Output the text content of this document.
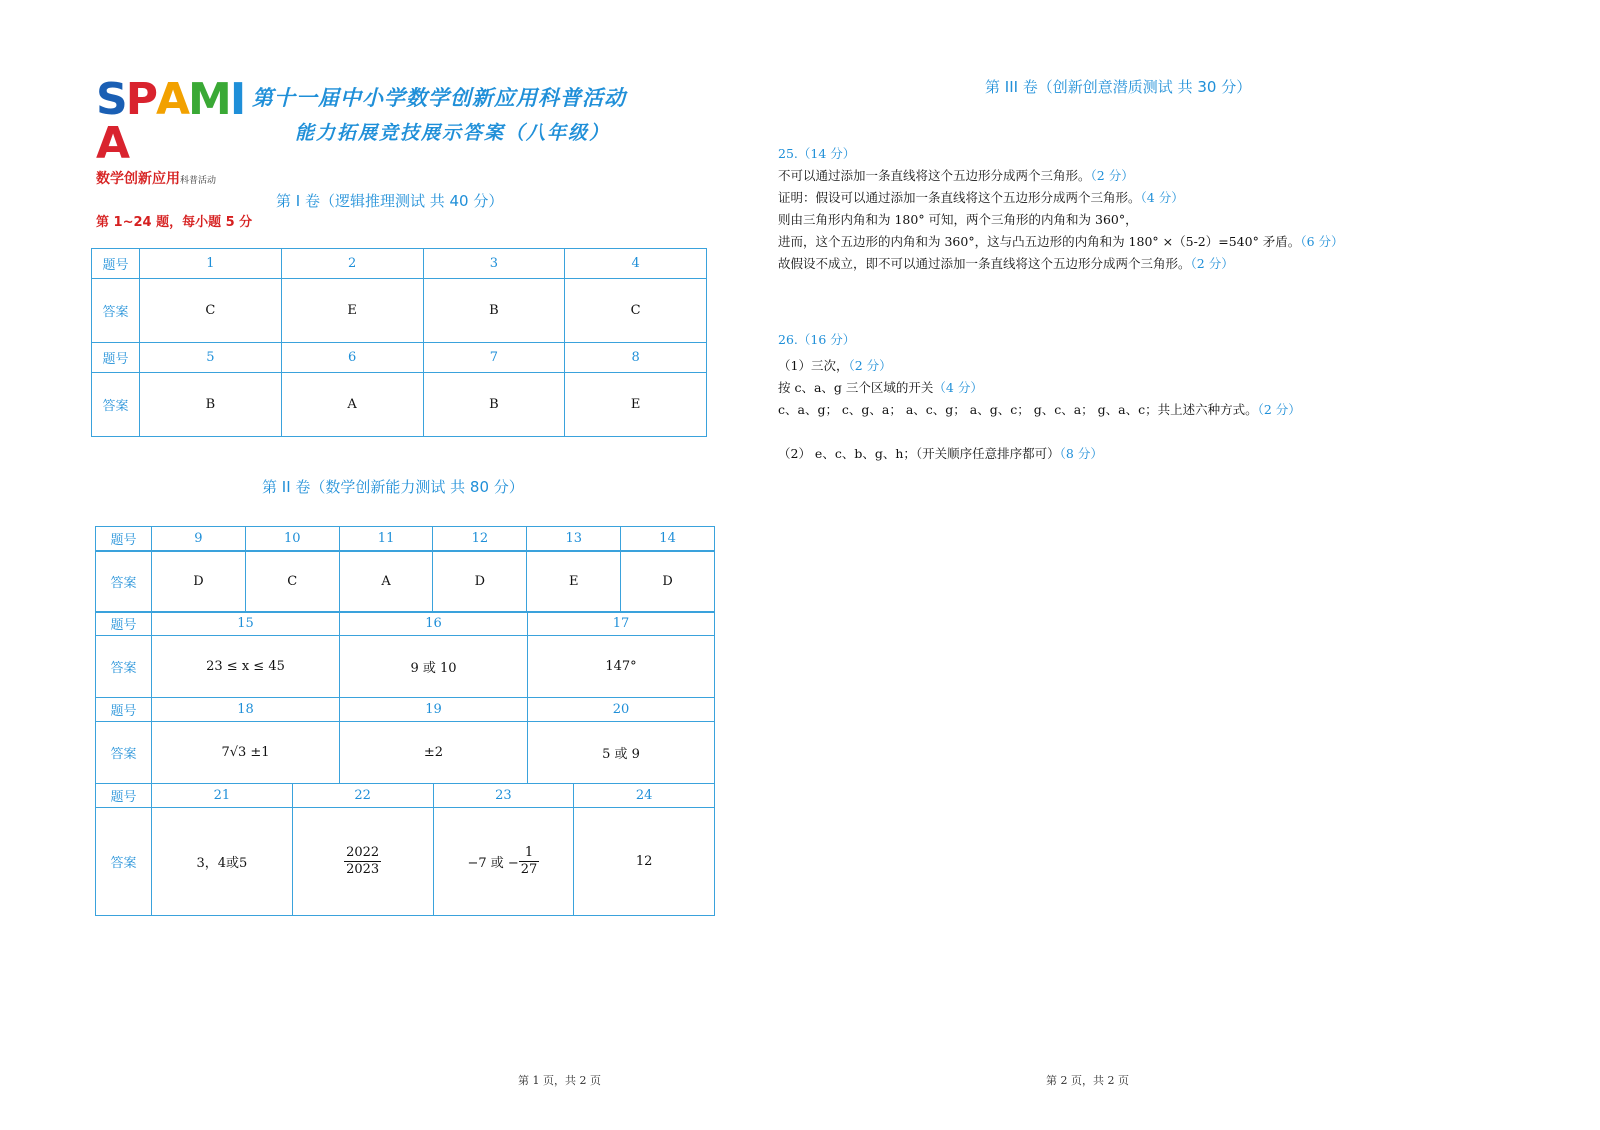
SPAMIA
数学创新应用科普活动
第十一届中小学数学创新应用科普活动
能力拓展竞技展示答案（八年级）
第 I 卷（逻辑推理测试 共 40 分）
第 1~24 题，每小题 5 分
题号	1	2	3	4
答案	C	E	B	C
题号	5	6	7	8
答案	B	A	B	E
第 II 卷（数学创新能力测试 共 80 分）
题号	9	10	11	12	13	14
答案	D	C	A	D	E	D
题号	15	16	17
答案	23 ≤ x ≤ 45	9 或 10	147°
题号	18	19	20
答案	7√3 ±1	±2	5 或 9
题号	21	22	23	24
答案	3，4或5	$\frac{2022}{2023}$	−7 或 − $\frac{1}{27}$	12
第 III 卷（创新创意潜质测试 共 30 分）
25.（14 分）
不可以通过添加一条直线将这个五边形分成两个三角形。（2 分）
证明：假设可以通过添加一条直线将这个五边形分成两个三角形。（4 分）
则由三角形内角和为 180° 可知，两个三角形的内角和为 360°，
进而，这个五边形的内角和为 360°，这与凸五边形的内角和为 180° ×（5-2）=540° 矛盾。（6 分）
故假设不成立，即不可以通过添加一条直线将这个五边形分成两个三角形。（2 分）
26.（16 分）
（1）三次，（2 分）
按 c、a、g 三个区域的开关（4 分）
c、a、g； c、g、a； a、c、g； a、g、c； g、c、a； g、a、c；共上述六种方式。（2 分）
（2） e、c、b、g、h；（开关顺序任意排序都可）（8 分）
第 1 页，共 2 页	第 2 页，共 2 页
